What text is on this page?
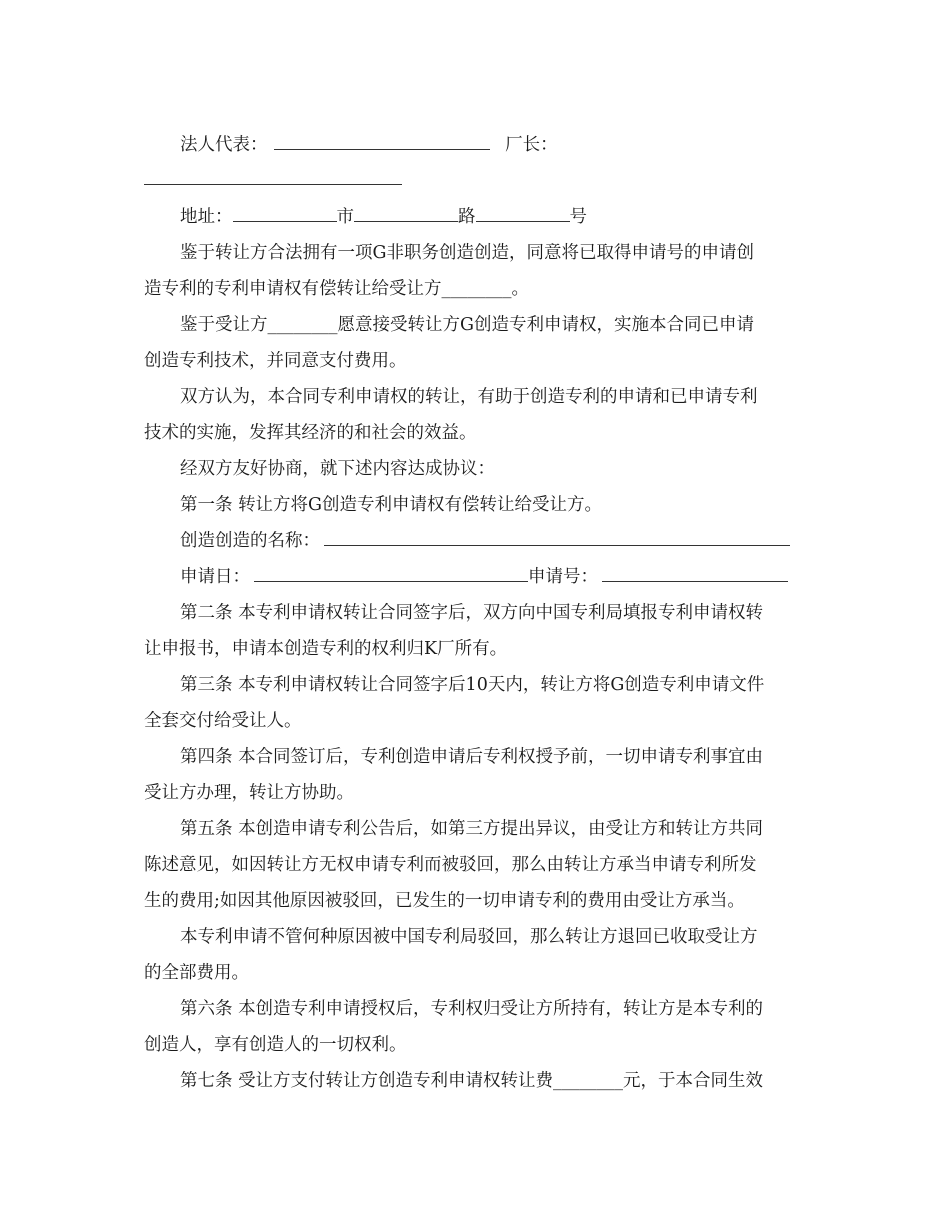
法人代表：	厂长：
地址：	市	路	号
鉴于转让方合法拥有一项G非职务创造创造，同意将已取得申请号的申请创
造专利的专利申请权有偿转让给受让方________。
鉴于受让方________愿意接受转让方G创造专利申请权，实施本合同已申请
创造专利技术，并同意支付费用。
双方认为，本合同专利申请权的转让，有助于创造专利的申请和已申请专利
技术的实施，发挥其经济的和社会的效益。
经双方友好协商，就下述内容达成协议：
第一条 转让方将G创造专利申请权有偿转让给受让方。
创造创造的名称：
申请日：	申请号：
第二条 本专利申请权转让合同签字后，双方向中国专利局填报专利申请权转
让申报书，申请本创造专利的权利归K厂所有。
第三条 本专利申请权转让合同签字后10天内，转让方将G创造专利申请文件
全套交付给受让人。
第四条 本合同签订后，专利创造申请后专利权授予前，一切申请专利事宜由
受让方办理，转让方协助。
第五条 本创造申请专利公告后，如第三方提出异议，由受让方和转让方共同
陈述意见，如因转让方无权申请专利而被驳回，那么由转让方承当申请专利所发
生的费用;如因其他原因被驳回，已发生的一切申请专利的费用由受让方承当。
本专利申请不管何种原因被中国专利局驳回，那么转让方退回已收取受让方
的全部费用。
第六条 本创造专利申请授权后，专利权归受让方所持有，转让方是本专利的
创造人，享有创造人的一切权利。
第七条 受让方支付转让方创造专利申请权转让费________元，于本合同生效
